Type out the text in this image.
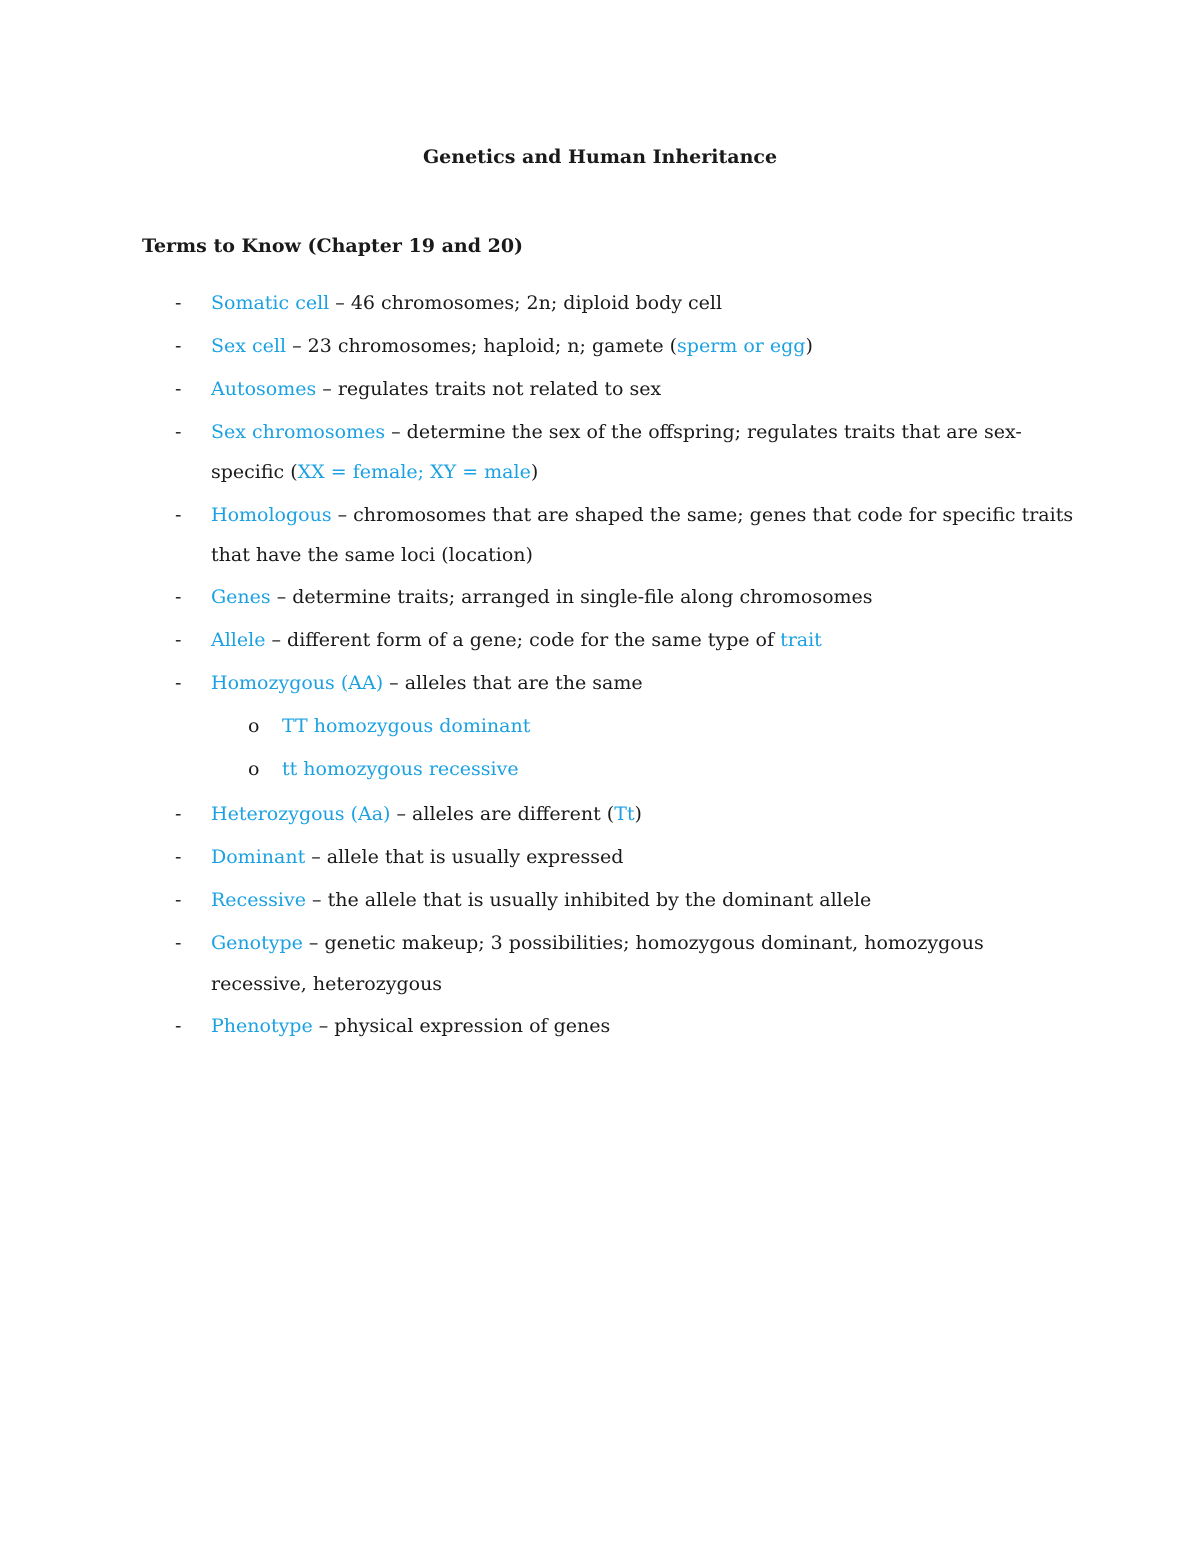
Genetics and Human Inheritance
Terms to Know (Chapter 19 and 20)
- Somatic cell – 46 chromosomes; 2n; diploid body cell
- Sex cell – 23 chromosomes; haploid; n; gamete (sperm or egg)
- Autosomes – regulates traits not related to sex
- Sex chromosomes – determine the sex of the offspring; regulates traits that are sex-
specific (XX = female; XY = male)
- Homologous – chromosomes that are shaped the same; genes that code for specific traits
that have the same loci (location)
- Genes – determine traits; arranged in single-file along chromosomes
- Allele – different form of a gene; code for the same type of trait
- Homozygous (AA) – alleles that are the same
o TT homozygous dominant
o tt homozygous recessive
- Heterozygous (Aa) – alleles are different (Tt)
- Dominant – allele that is usually expressed
- Recessive – the allele that is usually inhibited by the dominant allele
- Genotype – genetic makeup; 3 possibilities; homozygous dominant, homozygous
recessive, heterozygous
- Phenotype – physical expression of genes
